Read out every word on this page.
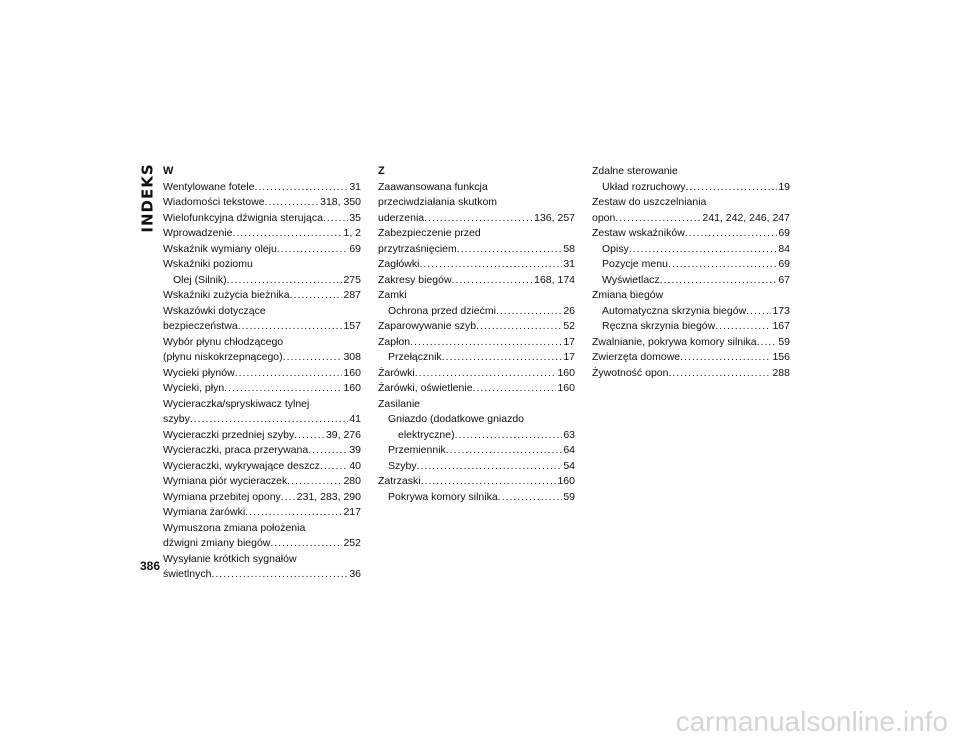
INDEKS W
Wentylowane fotele .....	31
Wiadomości tekstowe .....	318, 350
Wielofunkcyjna dźwignia sterująca .....	35
Wprowadzenie .....	1, 2
Wskaźnik wymiany oleju .....	69
Wskaźniki poziomu
Olej (Silnik) .....	275
Wskaźniki zużycia bieżnika .....	287
Wskazówki dotyczące
bezpieczeństwa .....	157
Wybór płynu chłodzącego
(płynu niskokrzepnącego) .....	308
Wycieki płynów .....	160
Wycieki, płyn .....	160
Wycieraczka/spryskiwacz tylnej
szyby .....	41
Wycieraczki przedniej szyby .....	39, 276
Wycieraczki, praca przerywana .....	39
Wycieraczki, wykrywające deszcz .....	40
Wymiana piór wycieraczek .....	280
Wymiana przebitej opony ..... 231, 283, 290
Wymiana żarówki .....	217
Wymuszona zmiana położenia
dźwigni zmiany biegów .....	252
Wysyłanie krótkich sygnałów
świetlnych .....	36
Z
Zaawansowana funkcja
przeciwdziałania skutkom
uderzenia .....	136, 257
Zabezpieczenie przed
przytrzaśnięciem .....	58
Zagłówki .....	31
Zakresy biegów .....	168, 174
Zamki
Ochrona przed dziećmi .....	26
Zaparowywanie szyb .....	52
Zapłon .....	17
Przełącznik .....	17
Żarówki .....	160
Żarówki, oświetlenie .....	160
Zasilanie
Gniazdo (dodatkowe gniazdo
elektryczne) .....	63
Przemiennik .....	64
Szyby .....	54
Zatrzaski .....	160
Pokrywa komory silnika .....	59
Zdalne sterowanie
Układ rozruchowy .....	19
Zestaw do uszczelniania
opon .....	241, 242, 246, 247
Zestaw wskaźników .....	69
Opisy .....	84
Pozycje menu .....	69
Wyświetlacz .....	67
Zmiana biegów
Automatyczna skrzynia biegów .....	173
Ręczna skrzynia biegów .....	167
Zwalnianie, pokrywa komory silnika ..... 59
Zwierzęta domowe .....	156
Żywotność opon .....	288
386
carmanualsonline.info
